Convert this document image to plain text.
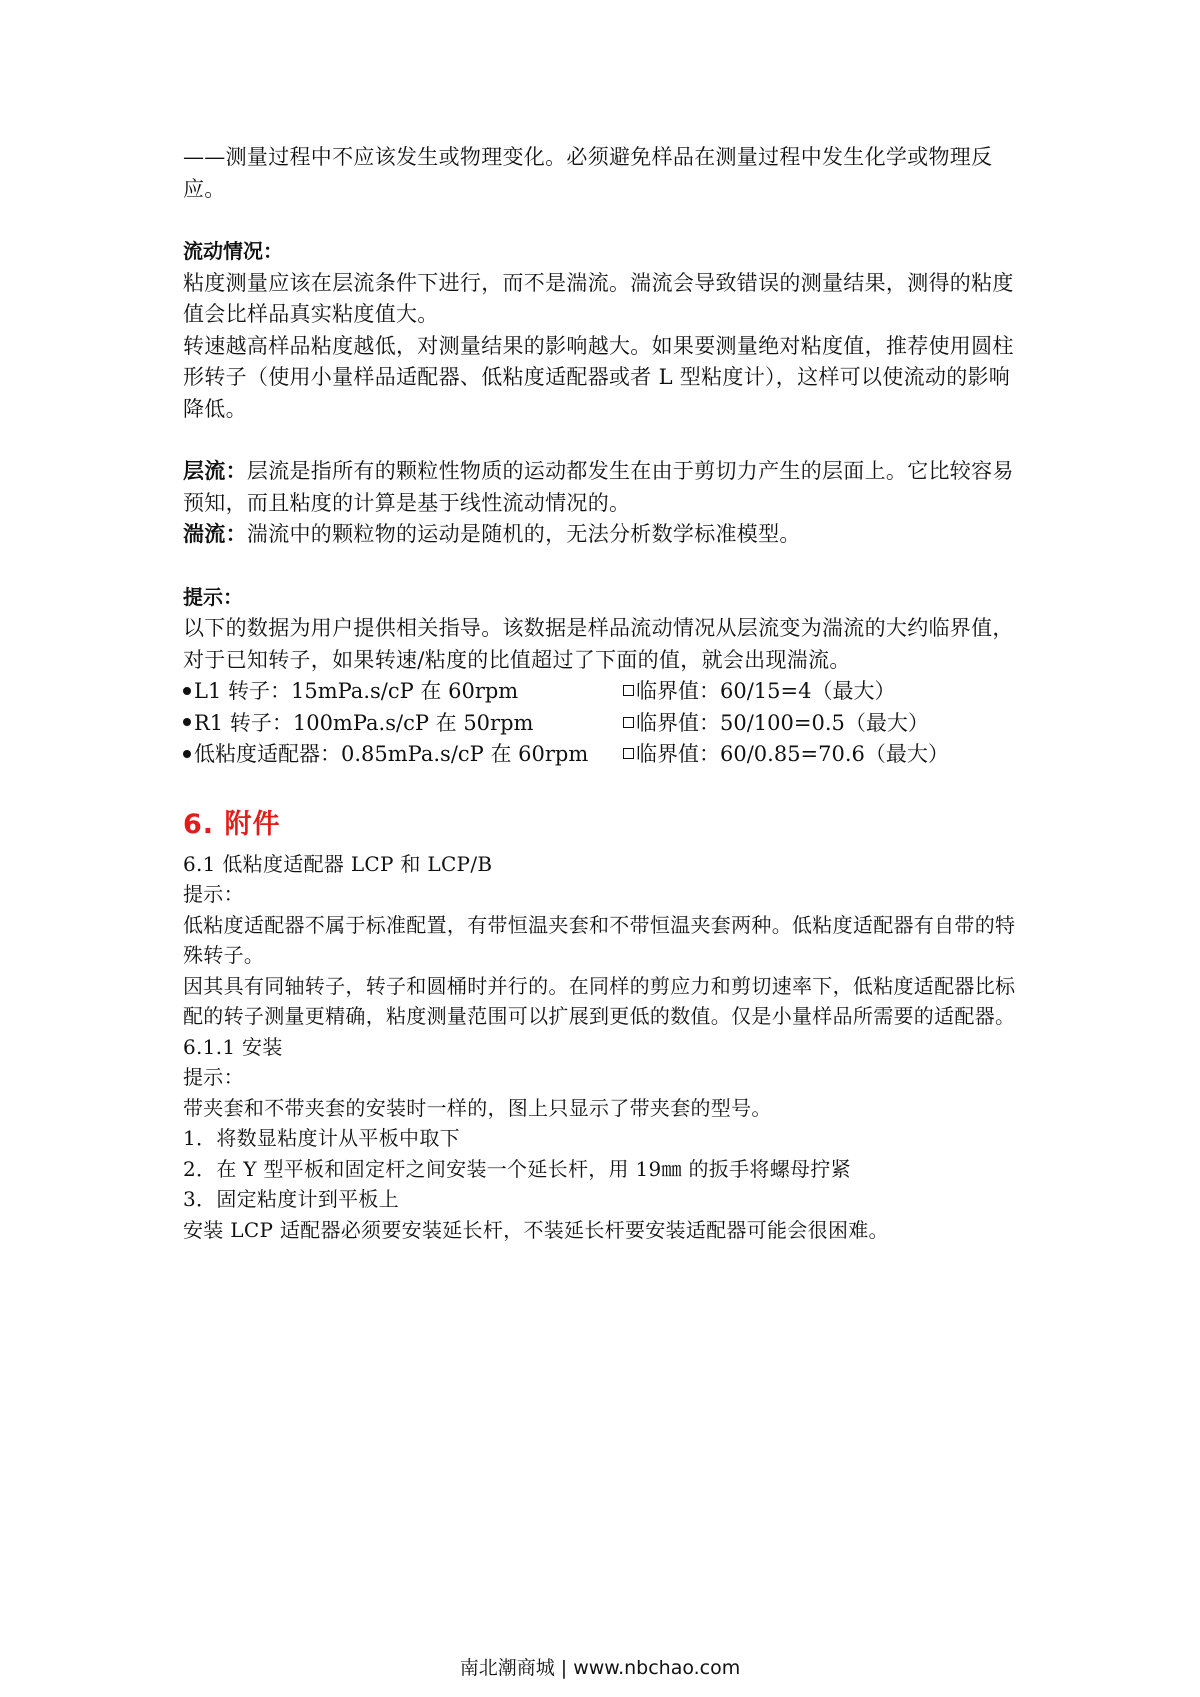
——测量过程中不应该发生或物理变化。必须避免样品在测量过程中发生化学或物理反应。

流动情况：

粘度测量应该在层流条件下进行，而不是湍流。湍流会导致错误的测量结果，测得的粘度值会比样品真实粘度值大。

转速越高样品粘度越低，对测量结果的影响越大。如果要测量绝对粘度值，推荐使用圆柱形转子（使用小量样品适配器、低粘度适配器或者 L 型粘度计），这样可以使流动的影响降低。

层流：层流是指所有的颗粒性物质的运动都发生在由于剪切力产生的层面上。它比较容易预知，而且粘度的计算是基于线性流动情况的。

湍流：湍流中的颗粒物的运动是随机的，无法分析数学标准模型。

提示：

以下的数据为用户提供相关指导。该数据是样品流动情况从层流变为湍流的大约临界值，对于已知转子，如果转速/粘度的比值超过了下面的值，就会出现湍流。

L1 转子：15mPa.s/cP 在 60rpm	临界值：60/15=4（最大）
R1 转子：100mPa.s/cP 在 50rpm	临界值：50/100=0.5（最大）
低粘度适配器：0.85mPa.s/cP 在 60rpm	临界值：60/0.85=70.6（最大）
6. 附件

6.1 低粘度适配器 LCP 和 LCP/B

提示：

低粘度适配器不属于标准配置，有带恒温夹套和不带恒温夹套两种。低粘度适配器有自带的特殊转子。

因其具有同轴转子，转子和圆桶时并行的。在同样的剪应力和剪切速率下，低粘度适配器比标配的转子测量更精确，粘度测量范围可以扩展到更低的数值。仅是小量样品所需要的适配器。

6.1.1 安装

提示：

带夹套和不带夹套的安装时一样的，图上只显示了带夹套的型号。

1．将数显粘度计从平板中取下

2．在 Y 型平板和固定杆之间安装一个延长杆，用 19㎜ 的扳手将螺母拧紧

3．固定粘度计到平板上

安装 LCP 适配器必须要安装延长杆，不装延长杆要安装适配器可能会很困难。

南北潮商城 | www.nbchao.com
